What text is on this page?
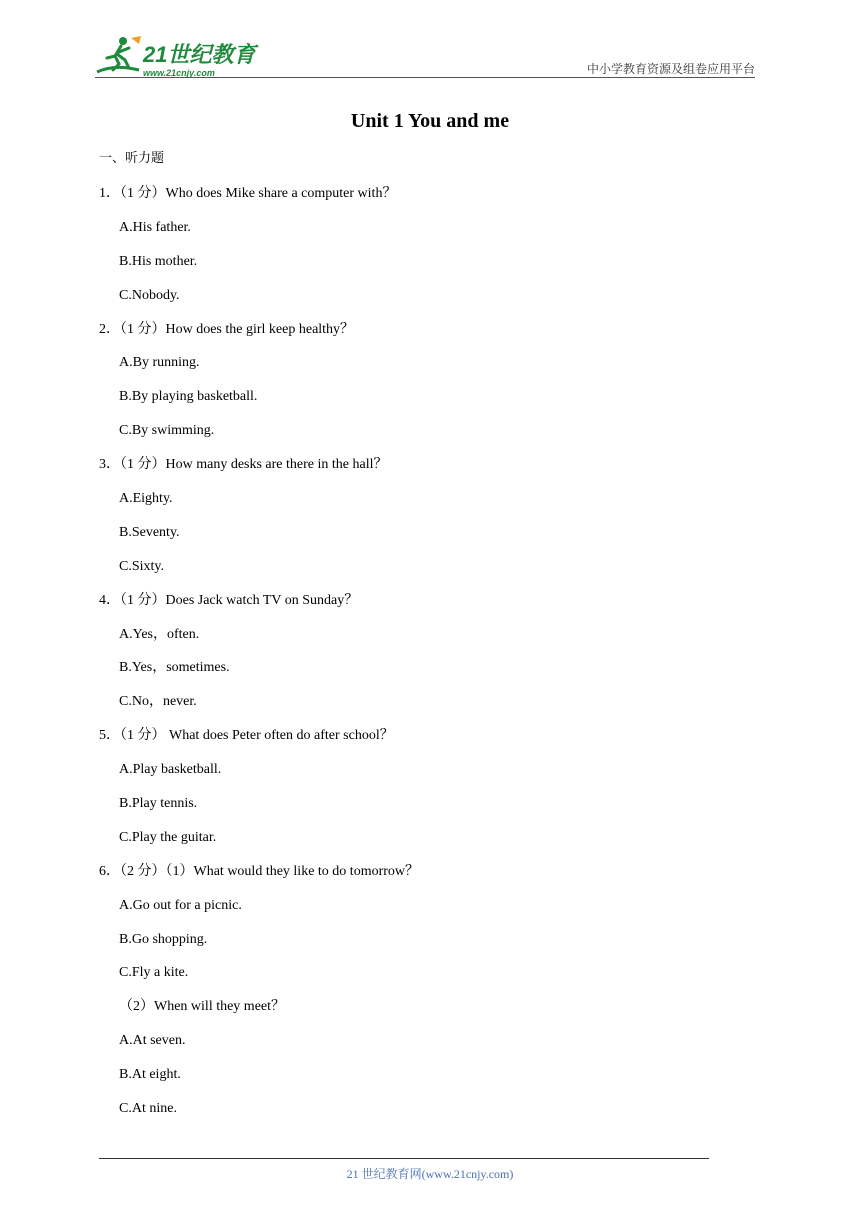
21世纪教育
www.21cnjy.com	中小学教育资源及组卷应用平台
Unit 1 You and me
一、听力题
1．（1 分）Who does Mike share a computer with？
A.His father.
B.His mother.
C.Nobody.
2．（1 分）How does the girl keep healthy？
A.By running.
B.By playing basketball.
C.By swimming.
3．（1 分）How many desks are there in the hall？
A.Eighty.
B.Seventy.
C.Sixty.
4．（1 分）Does Jack watch TV on Sunday？
A.Yes，often.
B.Yes，sometimes.
C.No，never.
5．（1 分） What does Peter often do after school？
A.Play basketball.
B.Play tennis.
C.Play the guitar.
6．（2 分）（1）What would they like to do tomorrow？
A.Go out for a picnic.
B.Go shopping.
C.Fly a kite.
（2）When will they meet？
A.At seven.
B.At eight.
C.At nine.
21 世纪教育网(www.21cnjy.com)
